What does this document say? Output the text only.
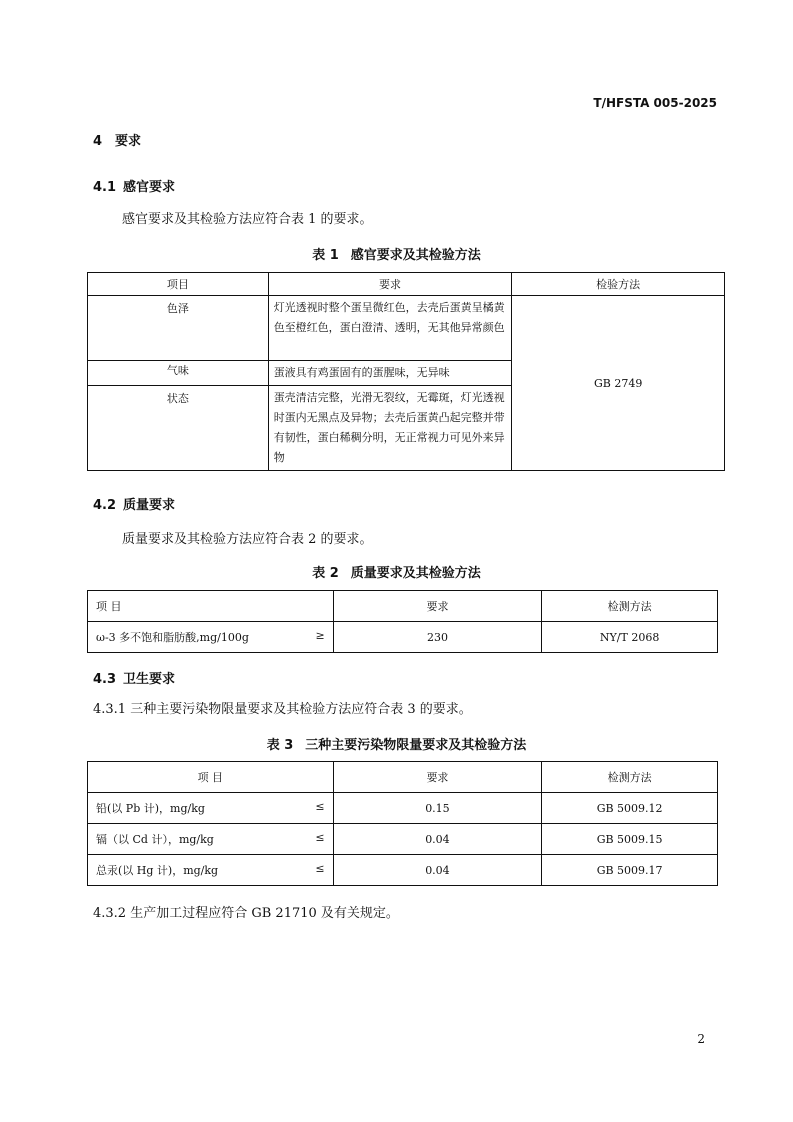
T/HFSTA 005-2025
4 要求
4.1 感官要求
感官要求及其检验方法应符合表 1 的要求。
表 1 感官要求及其检验方法
项目	要求	检验方法
色泽	灯光透视时整个蛋呈微红色，去壳后蛋黄呈橘黄色至橙红色，蛋白澄清、透明，无其他异常颜色	GB 2749
气味	蛋液具有鸡蛋固有的蛋腥味，无异味	
状态	蛋壳清洁完整，光滑无裂纹，无霉斑，灯光透视时蛋内无黑点及异物；去壳后蛋黄凸起完整并带有韧性，蛋白稀稠分明，无正常视力可见外来异物	
4.2 质量要求
质量要求及其检验方法应符合表 2 的要求。
表 2 质量要求及其检验方法
项 目	要求	检测方法

ω-3 多不饱和脂肪酸,mg/100g ≥	230	NY/T 2068
4.3 卫生要求
4.3.1 三种主要污染物限量要求及其检验方法应符合表 3 的要求。
表 3 三种主要污染物限量要求及其检验方法
项 目	要求	检测方法

铅(以 Pb 计)，mg/kg ≤	0.15	GB 5009.12

镉（以 Cd 计），mg/kg ≤	0.04	GB 5009.15

总汞(以 Hg 计)，mg/kg ≤	0.04	GB 5009.17
4.3.2 生产加工过程应符合 GB 21710 及有关规定。
2
